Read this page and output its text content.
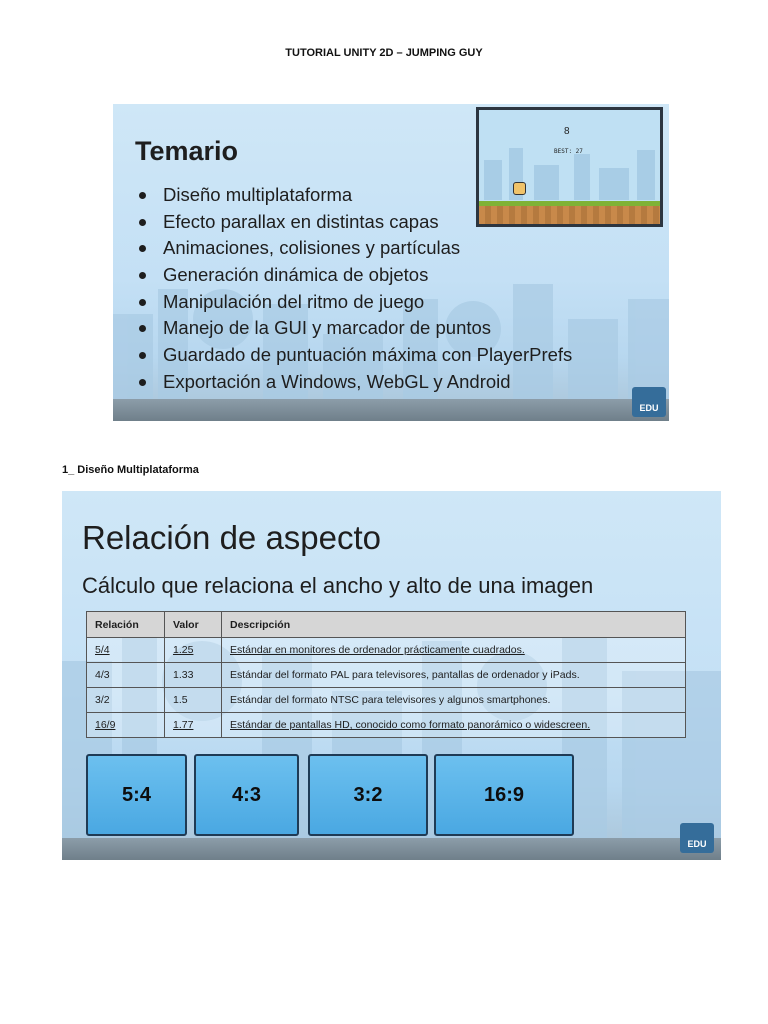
TUTORIAL UNITY 2D – JUMPING GUY
Temario
Diseño multiplataforma
Efecto parallax en distintas capas
Animaciones, colisiones y partículas
Generación dinámica de objetos
Manipulación del ritmo de juego
Manejo de la GUI y marcador de puntos
Guardado de puntuación máxima con PlayerPrefs
Exportación a Windows, WebGL y Android
8
BEST: 27
EDU
1_ Diseño Multiplataforma
Relación de aspecto
Cálculo que relaciona el ancho y alto de una imagen
Relación	Valor	Descripción
5/4	1.25	Estándar en monitores de ordenador prácticamente cuadrados.
4/3	1.33	Estándar del formato PAL para televisores, pantallas de ordenador y iPads.
3/2	1.5	Estándar del formato NTSC para televisores y algunos smartphones.
16/9	1.77	Estándar de pantallas HD, conocido como formato panorámico o widescreen.
5:4	4:3	3:2	16:9
EDU
